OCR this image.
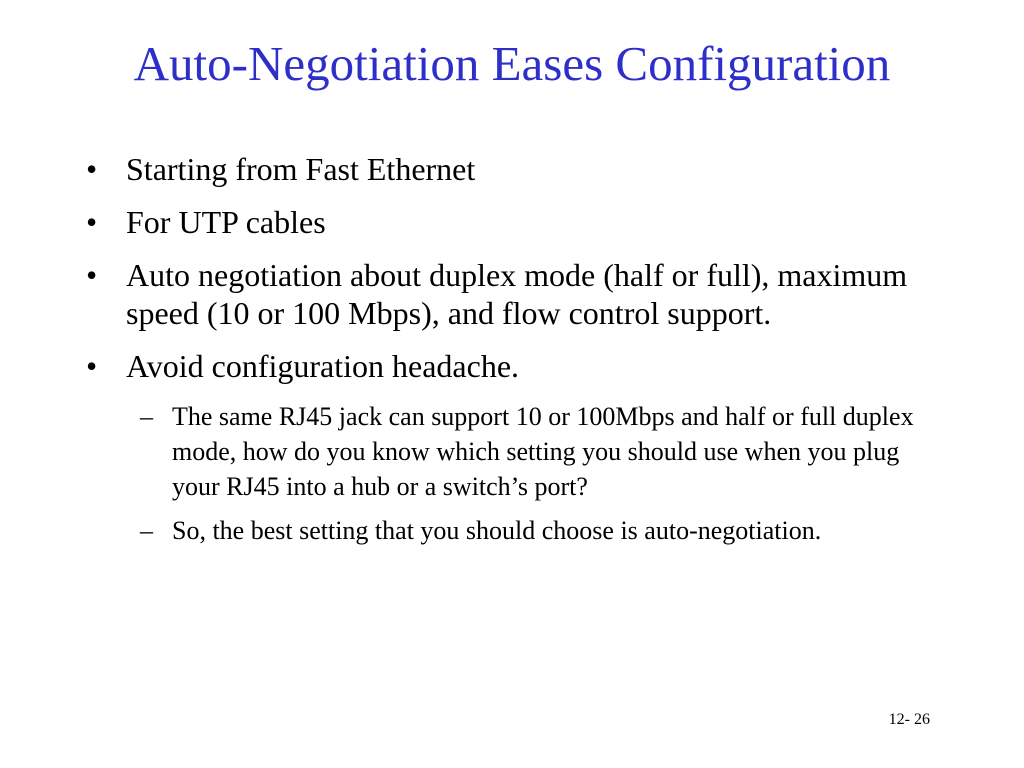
Auto-Negotiation Eases Configuration
• Starting from Fast Ethernet
• For UTP cables
• Auto negotiation about duplex mode (half or full), maximum speed (10 or 100 Mbps), and flow control support.
• Avoid configuration headache.
– The same RJ45 jack can support 10 or 100Mbps and half or full duplex mode, how do you know which setting you should use when you plug your RJ45 into a hub or a switch’s port?
– So, the best setting that you should choose is auto-negotiation.
12- 26
